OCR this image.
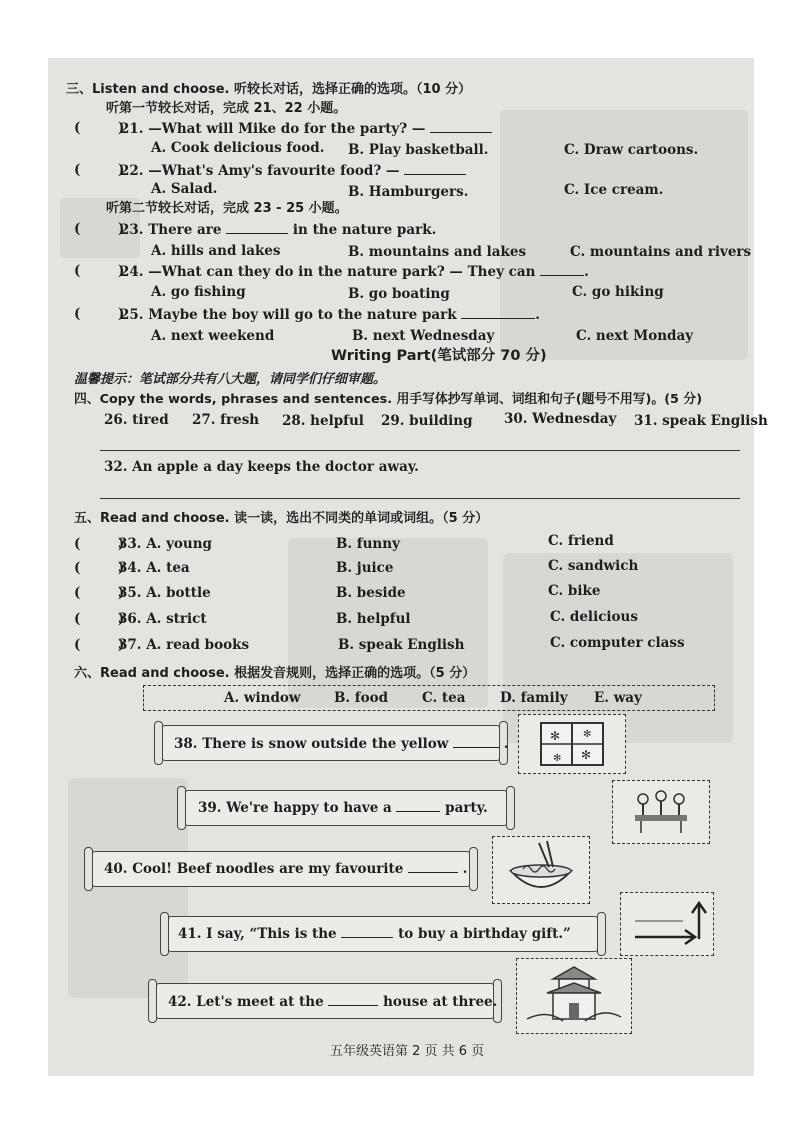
三、Listen and choose. 听较长对话，选择正确的选项。（10 分）
听第一节较长对话，完成 21、22 小题。
(        )
21. —What will Mike do for the party? —
A. Cook delicious food. B. Play basketball.	C. Draw cartoons.
(        )
22. —What's Amy's favourite food? —
A. Salad.	B. Hamburgers.	C. Ice cream.
听第二节较长对话，完成 23 - 25 小题。
(        )
23. There are	in the nature park.
A. hills and lakes	B. mountains and lakes	C. mountains and rivers
(        )
24. —What can they do in the nature park? — They can	.
A. go fishing	B. go boating	C. go hiking
(        )
25. Maybe the boy will go to the nature park	.
A. next weekend	B. next Wednesday	C. next Monday
Writing Part(笔试部分 70 分)
温馨提示：笔试部分共有八大题，请同学们仔细审题。
四、Copy the words, phrases and sentences. 用手写体抄写单词、词组和句子(题号不用写)。(5 分)
26. tired 27. fresh 28. helpful 29. building 30. Wednesday 31. speak English
32. An apple a day keeps the doctor away.
五、Read and choose. 读一读，选出不同类的单词或词组。（5 分）
(        )
33. A. young	B. funny	C. friend
(        )
34. A. tea	B. juice	C. sandwich
(        )
35. A. bottle	B. beside	C. bike
(        )
36. A. strict	B. helpful	C. delicious
(        )
37. A. read books	B. speak English	C. computer class
六、Read and choose. 根据发音规则，选择正确的选项。（5 分）
A. window B. food	C. tea	D. family E. way
38. There is snow outside the yellow	.	✻
✻
✻
✻
39. We're happy to have a	party.
40. Cool! Beef noodles are my favourite	.
41. I say, “This is the	to buy a birthday gift.”
42. Let's meet at the	house at three.
五年级英语第 2 页 共 6 页
